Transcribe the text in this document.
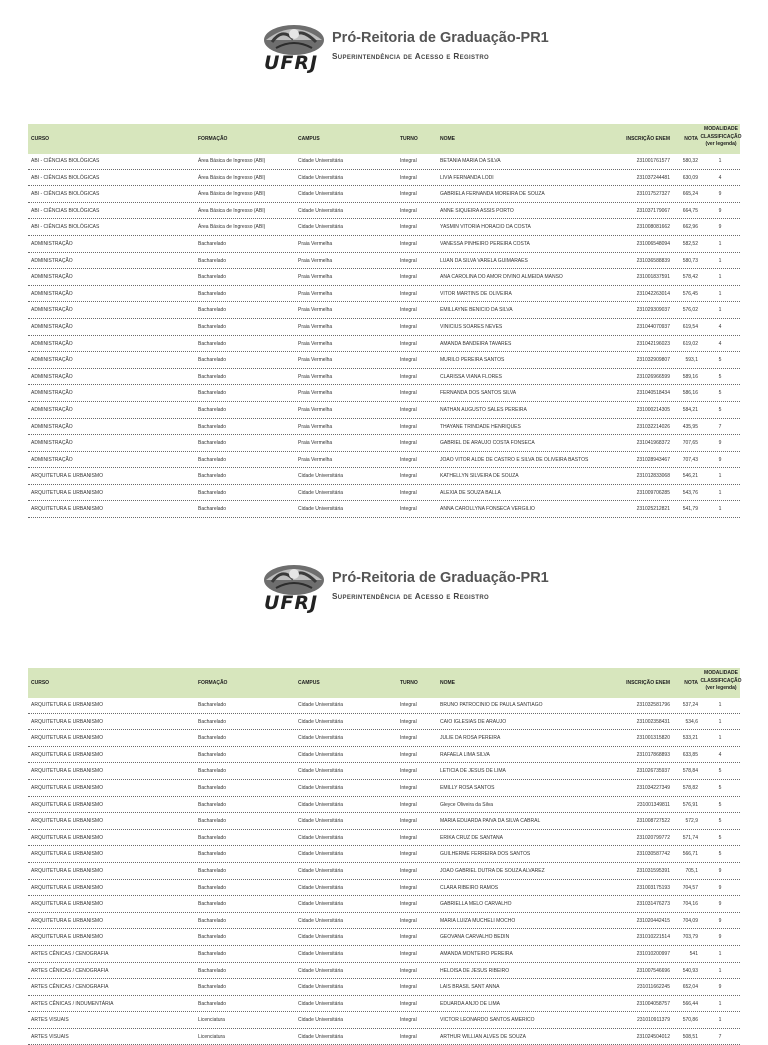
UFRJ
Pró-Reitoria de Graduação-PR1
Superintendência de Acesso e Registro
CURSO	FORMAÇÃO	CAMPUS	TURNO	NOME	INSCRIÇÃO ENEM	NOTA
MODALIDADE
CLASSIFICAÇÃO
(ver legenda)
ABI - CIÊNCIAS BIOLÓGICAS	Área Básica de Ingresso (ABI)	Cidade Universitária	Integral	BETANIA MARIA DA SILVA	231001761577	580,32	1
ABI - CIÊNCIAS BIOLÓGICAS	Área Básica de Ingresso (ABI)	Cidade Universitária	Integral	LIVIA FERNANDA LODI	231037244481	630,09	4
ABI - CIÊNCIAS BIOLÓGICAS	Área Básica de Ingresso (ABI)	Cidade Universitária	Integral	GABRIELA FERNANDA MOREIRA DE SOUZA	231017527327	665,24	9
ABI - CIÊNCIAS BIOLÓGICAS	Área Básica de Ingresso (ABI)	Cidade Universitária	Integral	ANNE SIQUEIRA ASSIS PORTO	231037179067	664,75	9
ABI - CIÊNCIAS BIOLÓGICAS	Área Básica de Ingresso (ABI)	Cidade Universitária	Integral	YASMIN VITORIA HORACIO DA COSTA	231008081662	662,96	9
ADMINISTRAÇÃO	Bacharelado	Praia Vermelha	Integral	VANESSA PINHEIRO PEREIRA COSTA	231006548094	582,52	1
ADMINISTRAÇÃO	Bacharelado	Praia Vermelha	Integral	LUAN DA SILVA VARELA GUIMARAES	231036588839	580,73	1
ADMINISTRAÇÃO	Bacharelado	Praia Vermelha	Integral	ANA CAROLINA DO AMOR DIVINO ALMEIDA MANSO	231001837591	578,42	1
ADMINISTRAÇÃO	Bacharelado	Praia Vermelha	Integral	VITOR MARTINS DE OLIVEIRA	231042263014	576,45	1
ADMINISTRAÇÃO	Bacharelado	Praia Vermelha	Integral	EMILLAYNE BENICIO DA SILVA	231029309037	576,02	1
ADMINISTRAÇÃO	Bacharelado	Praia Vermelha	Integral	VINICIUS SOARES NEVES	231044070937	619,54	4
ADMINISTRAÇÃO	Bacharelado	Praia Vermelha	Integral	AMANDA BANDEIRA TAVARES	231042196023	619,02	4
ADMINISTRAÇÃO	Bacharelado	Praia Vermelha	Integral	MURILO PEREIRA SANTOS	231032909807	593,1	5
ADMINISTRAÇÃO	Bacharelado	Praia Vermelha	Integral	CLARISSA VIANA FLORES	231026966599	589,16	5
ADMINISTRAÇÃO	Bacharelado	Praia Vermelha	Integral	FERNANDA DOS SANTOS SILVA	231040518434	586,16	5
ADMINISTRAÇÃO	Bacharelado	Praia Vermelha	Integral	NATHAN AUGUSTO SALES PEREIRA	231000214305	584,21	5
ADMINISTRAÇÃO	Bacharelado	Praia Vermelha	Integral	THAYANE TRINDADE HENRIQUES	231032214026	435,95	7
ADMINISTRAÇÃO	Bacharelado	Praia Vermelha	Integral	GABRIEL DE ARAUJO COSTA FONSECA	231041968372	707,65	9
ADMINISTRAÇÃO	Bacharelado	Praia Vermelha	Integral	JOAO VITOR ALDE DE CASTRO E SILVA DE OLIVEIRA BASTOS	231028943467	707,43	9
ARQUITETURA E URBANISMO	Bacharelado	Cidade Universitária	Integral	KATHELLYN SILVEIRA DE SOUZA	231012833068	546,21	1
ARQUITETURA E URBANISMO	Bacharelado	Cidade Universitária	Integral	ALEXIA DE SOUZA BALLA	231009706285	543,76	1
ARQUITETURA E URBANISMO	Bacharelado	Cidade Universitária	Integral	ANNA CAROLLYNA FONSECA VERGILIO	231025212821	541,79	1
UFRJ
Pró-Reitoria de Graduação-PR1
Superintendência de Acesso e Registro
CURSO	FORMAÇÃO	CAMPUS	TURNO	NOME	INSCRIÇÃO ENEM	NOTA
MODALIDADE
CLASSIFICAÇÃO
(ver legenda)
ARQUITETURA E URBANISMO	Bacharelado	Cidade Universitária	Integral	BRUNO PATROCINIO DE PAULA SANTIAGO	231032581796	537,24	1
ARQUITETURA E URBANISMO	Bacharelado	Cidade Universitária	Integral	CAIO IGLESIAS DE ARAUJO	231002358431	534,6	1
ARQUITETURA E URBANISMO	Bacharelado	Cidade Universitária	Integral	JULIE DA ROSA PEREIRA	231001315820	533,21	1
ARQUITETURA E URBANISMO	Bacharelado	Cidade Universitária	Integral	RAFAELA LIMA SILVA	231017868893	633,85	4
ARQUITETURA E URBANISMO	Bacharelado	Cidade Universitária	Integral	LETICIA DE JESUS DE LIMA	231026735937	578,84	5
ARQUITETURA E URBANISMO	Bacharelado	Cidade Universitária	Integral	EMILLY ROSA SANTOS	231034227349	578,82	5
ARQUITETURA E URBANISMO	Bacharelado	Cidade Universitária	Integral	Gleyce Oliveira da Silva	231001349811	576,91	5
ARQUITETURA E URBANISMO	Bacharelado	Cidade Universitária	Integral	MARIA EDUARDA PAIVA DA SILVA CABRAL	231008727522	572,9	5
ARQUITETURA E URBANISMO	Bacharelado	Cidade Universitária	Integral	ERIKA CRUZ DE SANTANA	231020799772	571,74	5
ARQUITETURA E URBANISMO	Bacharelado	Cidade Universitária	Integral	GUILHERME FERREIRA DOS SANTOS	231030587742	566,71	5
ARQUITETURA E URBANISMO	Bacharelado	Cidade Universitária	Integral	JOAO GABRIEL DUTRA DE SOUZA ALVAREZ	231031595391	705,1	9
ARQUITETURA E URBANISMO	Bacharelado	Cidade Universitária	Integral	CLARA RIBEIRO RAMOS	231003175193	704,57	9
ARQUITETURA E URBANISMO	Bacharelado	Cidade Universitária	Integral	GABRIELLA MELO CARVALHO	231031476273	704,16	9
ARQUITETURA E URBANISMO	Bacharelado	Cidade Universitária	Integral	MARIA LUIZA MUCHELI MOCHO	231020442415	704,09	9
ARQUITETURA E URBANISMO	Bacharelado	Cidade Universitária	Integral	GEOVANA CARVALHO BEDIN	231010221514	703,79	9
ARTES CÊNICAS / CENOGRAFIA	Bacharelado	Cidade Universitária	Integral	AMANDA MONTEIRO PEREIRA	231010200997	541	1
ARTES CÊNICAS / CENOGRAFIA	Bacharelado	Cidade Universitária	Integral	HELOISA DE JESUS RIBEIRO	231007546696	540,93	1
ARTES CÊNICAS / CENOGRAFIA	Bacharelado	Cidade Universitária	Integral	LAIS BRASIL SANT ANNA	231011662245	652,04	9
ARTES CÊNICAS / INDUMENTÁRIA	Bacharelado	Cidade Universitária	Integral	EDUARDA ANJO DE LIMA	231004058757	566,44	1
ARTES VISUAIS	Licenciatura	Cidade Universitária	Integral	VICTOR LEONARDO SANTOS AMERICO	231010911379	570,86	1
ARTES VISUAIS	Licenciatura	Cidade Universitária	Integral	ARTHUR WILLIAN ALVES DE SOUZA	231024504012	508,51	7
